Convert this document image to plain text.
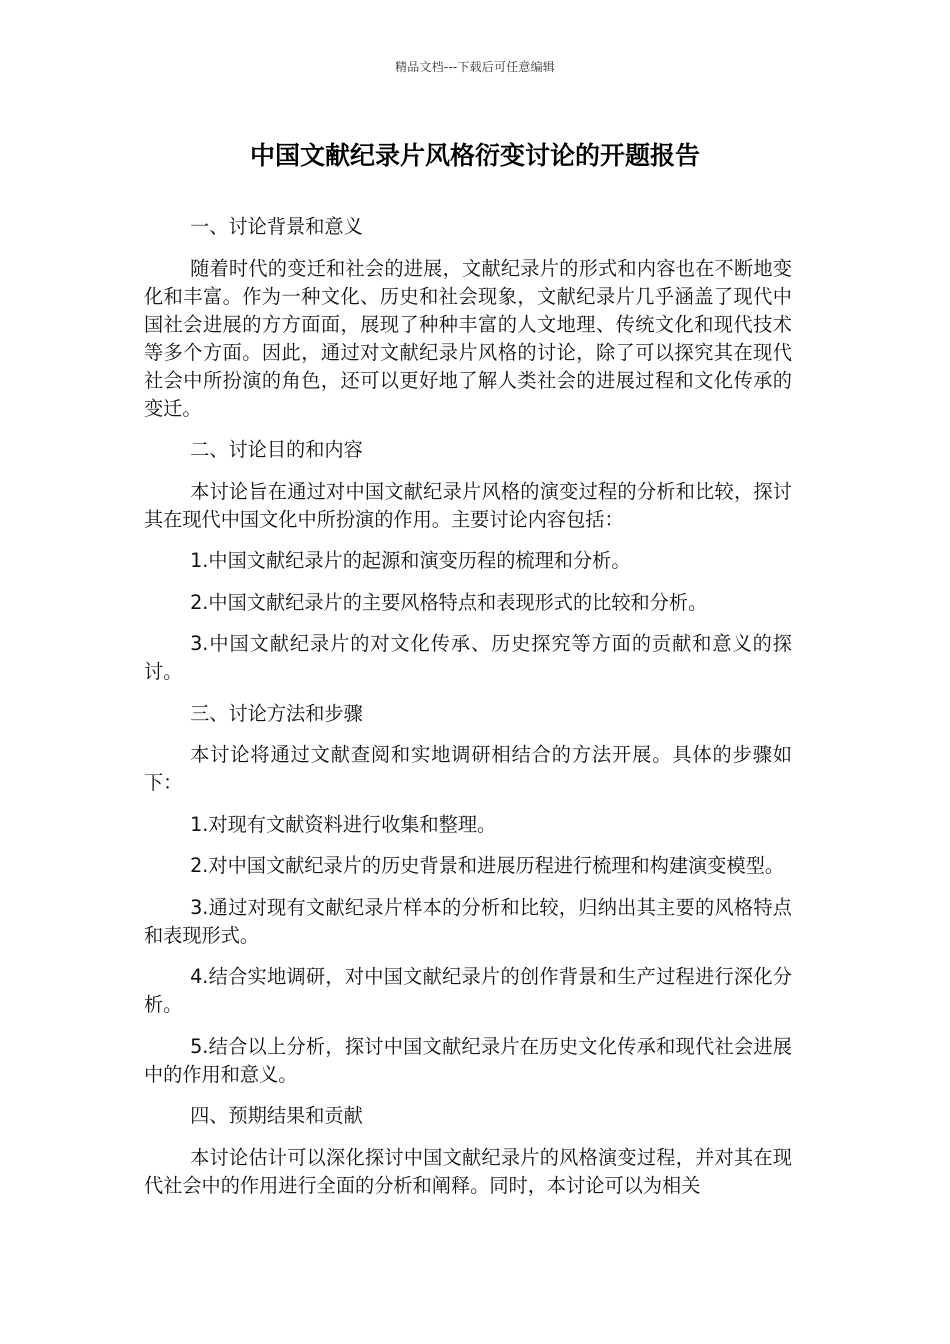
精品文档---下载后可任意编辑
中国文献纪录片风格衍变讨论的开题报告

一、讨论背景和意义

随着时代的变迁和社会的进展，文献纪录片的形式和内容也在不断地变化和丰富。作为一种文化、历史和社会现象，文献纪录片几乎涵盖了现代中国社会进展的方方面面，展现了种种丰富的人文地理、传统文化和现代技术等多个方面。因此，通过对文献纪录片风格的讨论，除了可以探究其在现代社会中所扮演的角色，还可以更好地了解人类社会的进展过程和文化传承的变迁。

二、讨论目的和内容

本讨论旨在通过对中国文献纪录片风格的演变过程的分析和比较，探讨其在现代中国文化中所扮演的作用。主要讨论内容包括：

1.中国文献纪录片的起源和演变历程的梳理和分析。

2.中国文献纪录片的主要风格特点和表现形式的比较和分析。

3.中国文献纪录片的对文化传承、历史探究等方面的贡献和意义的探讨。

三、讨论方法和步骤

本讨论将通过文献查阅和实地调研相结合的方法开展。具体的步骤如下：

1.对现有文献资料进行收集和整理。

2.对中国文献纪录片的历史背景和进展历程进行梳理和构建演变模型。

3.通过对现有文献纪录片样本的分析和比较，归纳出其主要的风格特点和表现形式。

4.结合实地调研，对中国文献纪录片的创作背景和生产过程进行深化分析。

5.结合以上分析，探讨中国文献纪录片在历史文化传承和现代社会进展中的作用和意义。

四、预期结果和贡献

本讨论估计可以深化探讨中国文献纪录片的风格演变过程，并对其在现代社会中的作用进行全面的分析和阐释。同时，本讨论可以为相关
